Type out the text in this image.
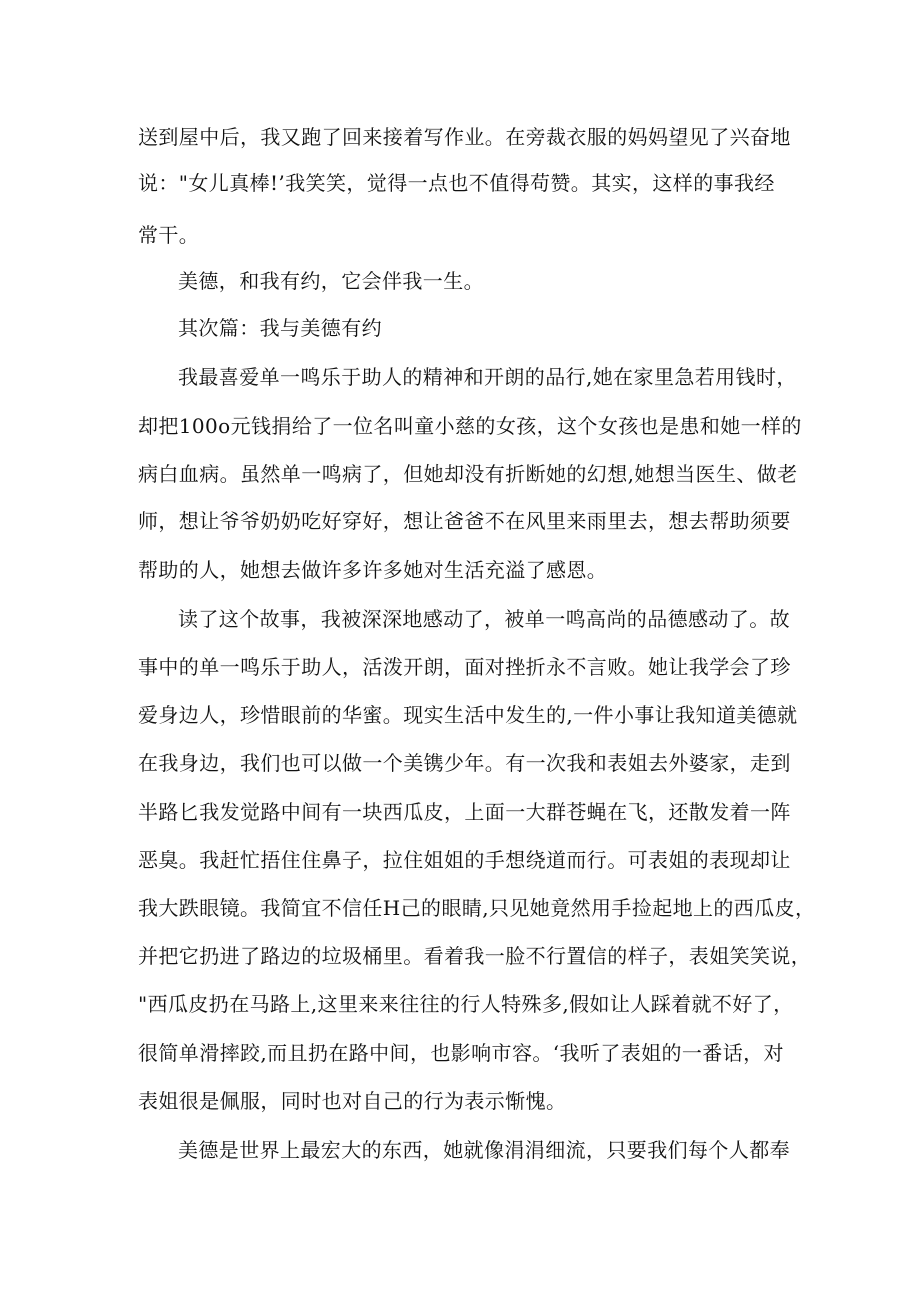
送到屋中后，我又跑了回来接着写作业。在旁裁衣服的妈妈望见了兴奋地
说："女儿真棒!’我笑笑，觉得一点也不值得苟赞。其实，这样的事我经
常干。
美德，和我有约，它会伴我一生。
其次篇：我与美德有约
我最喜爱单一鸣乐于助人的精神和开朗的品行,她在家里急若用钱时，
却把100o元钱捐给了一位名叫童小慈的女孩，这个女孩也是患和她一样的
病白血病。虽然单一鸣病了，但她却没有折断她的幻想,她想当医生、做老
师，想让爷爷奶奶吃好穿好，想让爸爸不在风里来雨里去，想去帮助须要
帮助的人，她想去做许多许多她对生活充溢了感恩。
读了这个故事，我被深深地感动了，被单一鸣高尚的品德感动了。故
事中的单一鸣乐于助人，活泼开朗，面对挫折永不言败。她让我学会了珍
爱身边人，珍惜眼前的华蜜。现实生活中发生的,一件小事让我知道美德就
在我身边，我们也可以做一个美镌少年。有一次我和表姐去外婆家，走到
半路匕我发觉路中间有一块西瓜皮，上面一大群苍蝇在飞，还散发着一阵
恶臭。我赶忙捂住住鼻子，拉住姐姐的手想绕道而行。可表姐的表现却让
我大跌眼镜。我简宜不信任H己的眼睛,只见她竟然用手捡起地上的西瓜皮，
并把它扔进了路边的垃圾桶里。看着我一脸不行置信的样子，表姐笑笑说，
"西瓜皮扔在马路上,这里来来往往的行人特殊多,假如让人踩着就不好了，
很简单滑摔跤,而且扔在路中间，也影响市容。‘我听了表姐的一番话，对
表姐很是佩服，同时也对自己的行为表示惭愧。
美德是世界上最宏大的东西，她就像涓涓细流，只要我们每个人都奉
